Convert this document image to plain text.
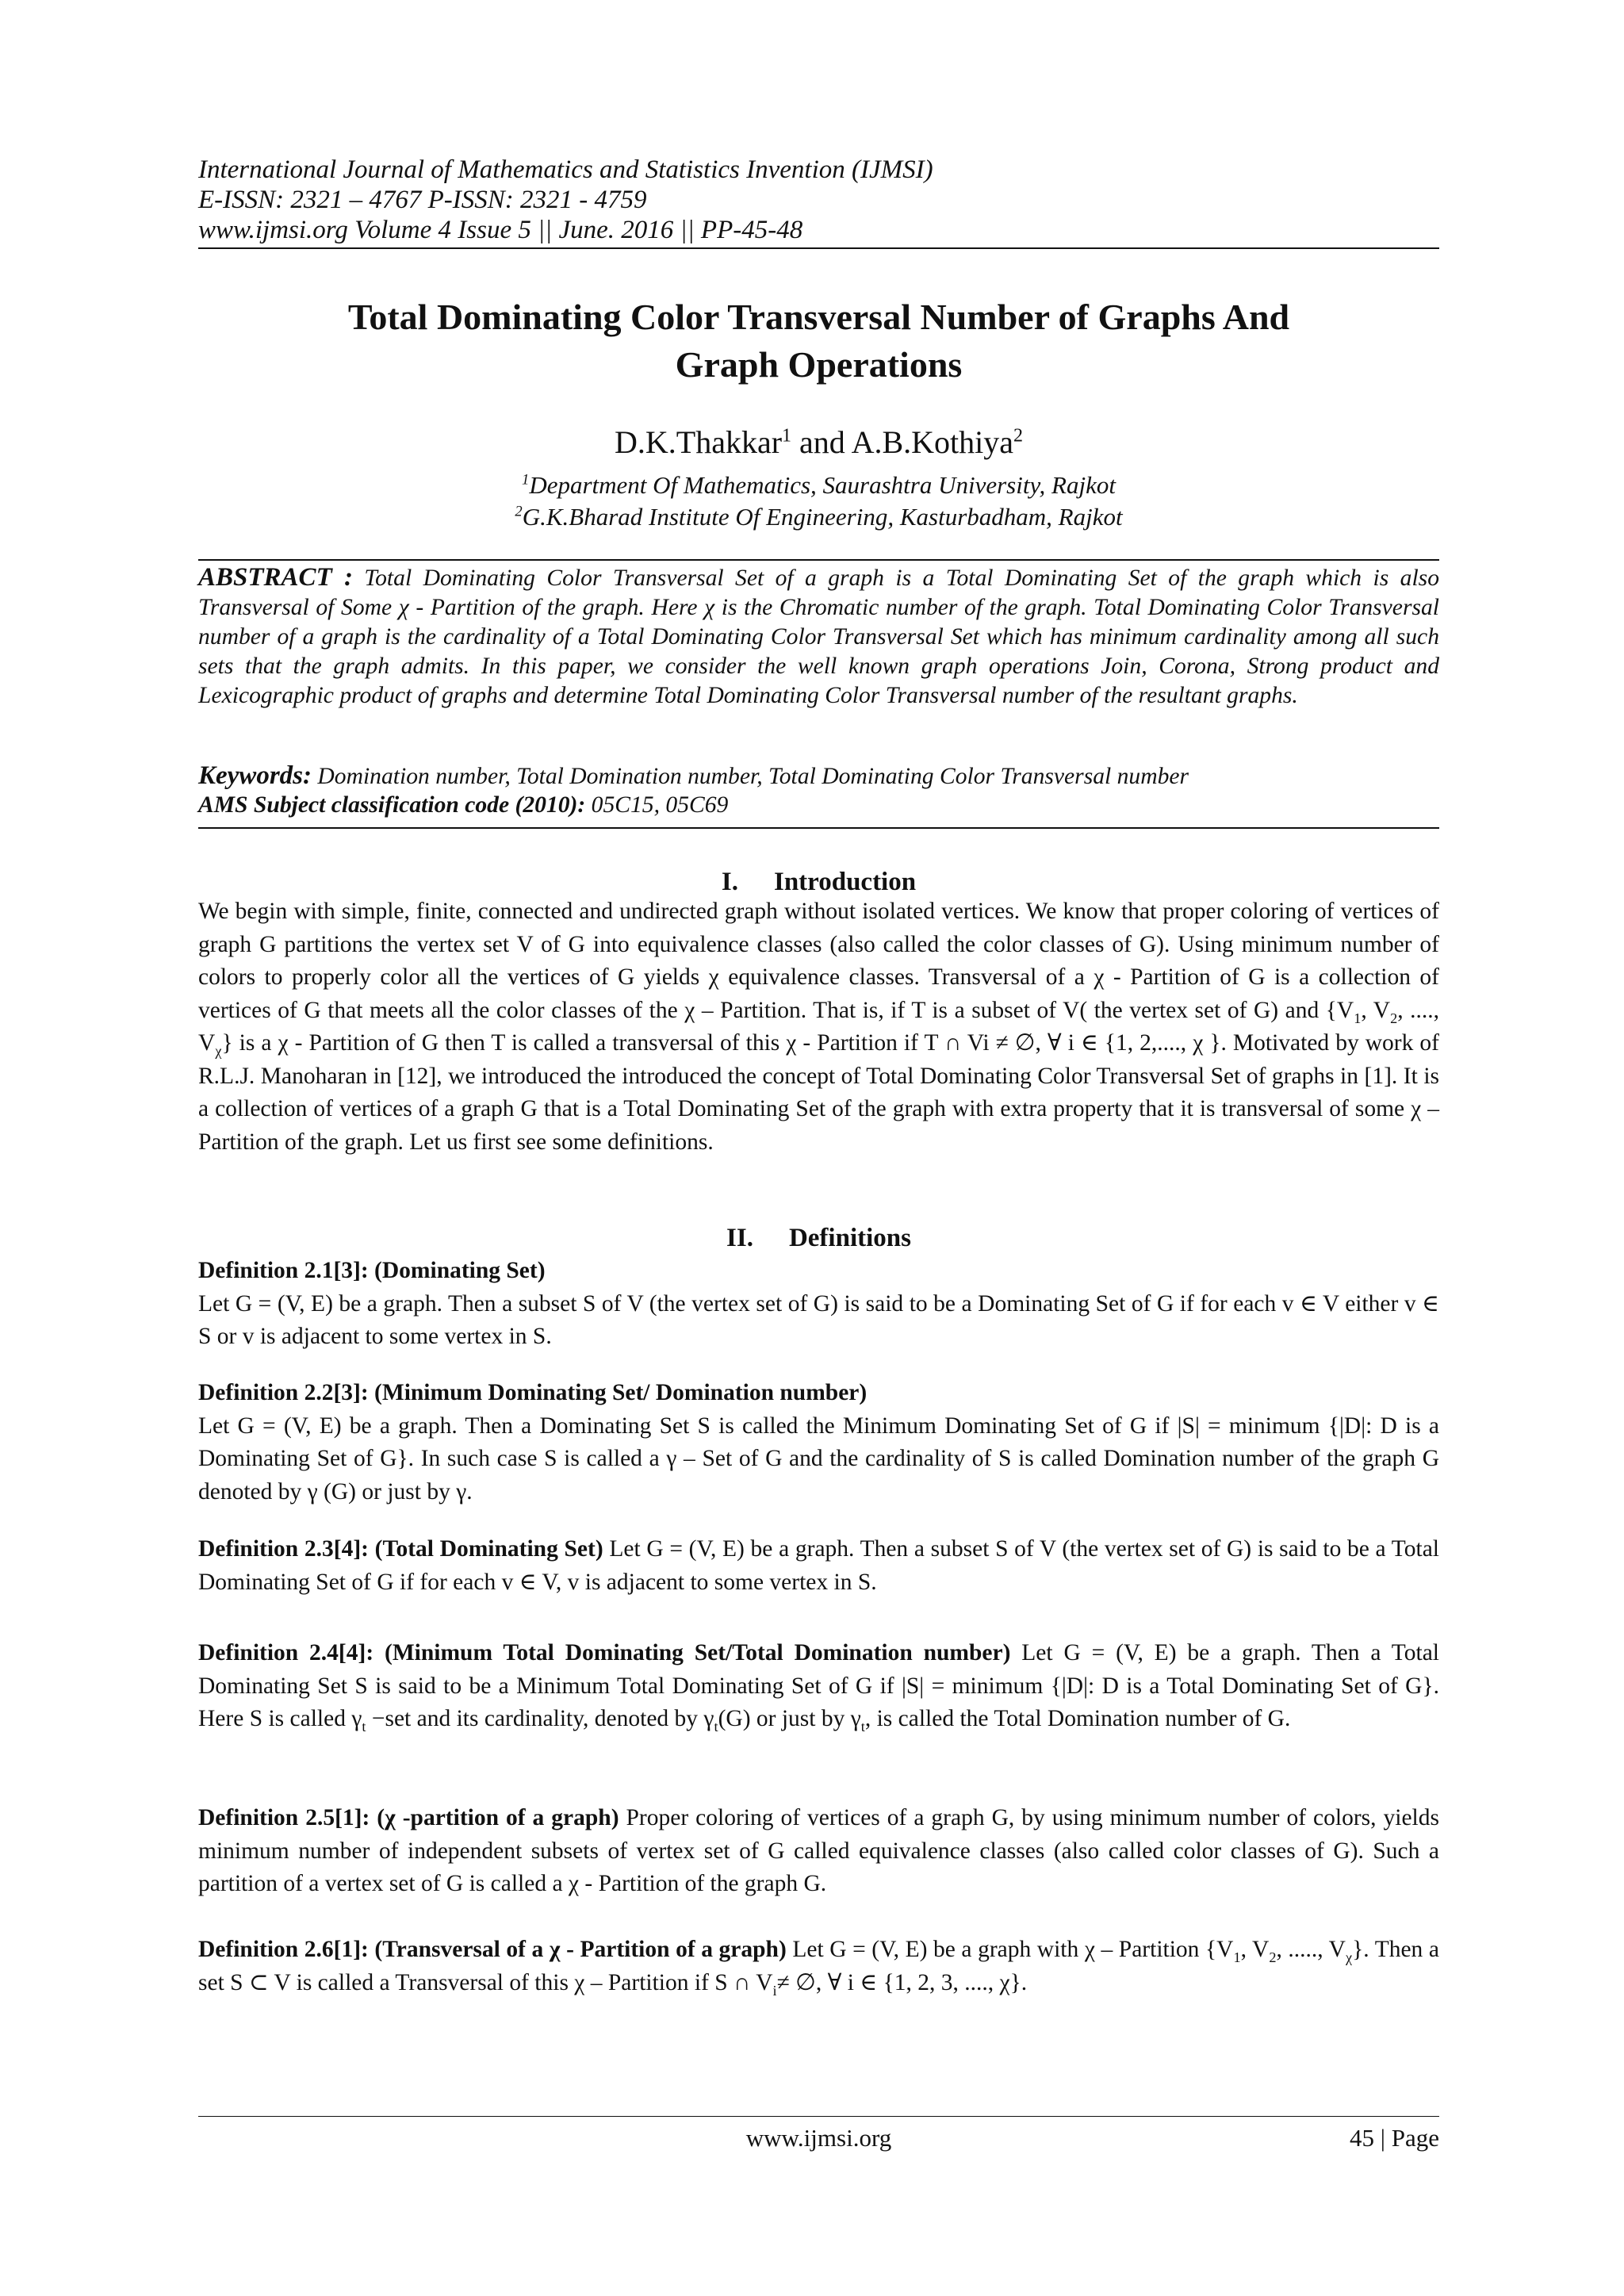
International Journal of Mathematics and Statistics Invention (IJMSI)
E-ISSN: 2321 – 4767 P-ISSN: 2321 - 4759
www.ijmsi.org Volume 4 Issue 5 || June. 2016 || PP-45-48
Total Dominating Color Transversal Number of Graphs And
Graph Operations
D.K.Thakkar$^1$ and A.B.Kothiya$^2$
$^1$Department Of Mathematics, Saurashtra University, Rajkot
$^2$G.K.Bharad Institute Of Engineering, Kasturbadham, Rajkot
ABSTRACT : Total Dominating Color Transversal Set of a graph is a Total Dominating Set of the graph which is also Transversal of Some χ - Partition of the graph. Here χ is the Chromatic number of the graph. Total Dominating Color Transversal number of a graph is the cardinality of a Total Dominating Color Transversal Set which has minimum cardinality among all such sets that the graph admits. In this paper, we consider the well known graph operations Join, Corona, Strong product and Lexicographic product of graphs and determine Total Dominating Color Transversal number of the resultant graphs.
Keywords: Domination number, Total Domination number, Total Dominating Color Transversal number
AMS Subject classification code (2010): 05C15, 05C69
I. Introduction
We begin with simple, finite, connected and undirected graph without isolated vertices. We know that proper coloring of vertices of graph G partitions the vertex set V of G into equivalence classes (also called the color classes of G). Using minimum number of colors to properly color all the vertices of G yields χ equivalence classes. Transversal of a χ - Partition of G is a collection of vertices of G that meets all the color classes of the χ – Partition. That is, if T is a subset of V( the vertex set of G) and {$V_1$, $V_2$, ...., $V_\chi$} is a χ - Partition of G then T is called a transversal of this χ - Partition if T ∩ Vi ≠ ∅, ∀ i ∈ {1, 2,...., χ }. Motivated by work of R.L.J. Manoharan in [12], we introduced the introduced the concept of Total Dominating Color Transversal Set of graphs in [1]. It is a collection of vertices of a graph G that is a Total Dominating Set of the graph with extra property that it is transversal of some χ – Partition of the graph. Let us first see some definitions.
II. Definitions
Definition 2.1[3]: (Dominating Set)
Let G = (V, E) be a graph. Then a subset S of V (the vertex set of G) is said to be a Dominating Set of G if for each v ∈ V either v ∈ S or v is adjacent to some vertex in S.
Definition 2.2[3]: (Minimum Dominating Set/ Domination number)
Let G = (V, E) be a graph. Then a Dominating Set S is called the Minimum Dominating Set of G if |S| = minimum {|D|: D is a Dominating Set of G}. In such case S is called a γ – Set of G and the cardinality of S is called Domination number of the graph G denoted by γ (G) or just by γ.
Definition 2.3[4]: (Total Dominating Set) Let G = (V, E) be a graph. Then a subset S of V (the vertex set of G) is said to be a Total Dominating Set of G if for each v ∈ V, v is adjacent to some vertex in S.
Definition 2.4[4]: (Minimum Total Dominating Set/Total Domination number) Let G = (V, E) be a graph. Then a Total Dominating Set S is said to be a Minimum Total Dominating Set of G if |S| = minimum {|D|: D is a Total Dominating Set of G}. Here S is called $\gamma_t -set$ and its cardinality, denoted by $\gamma_t(G)$ or just by $\gamma_t$, is called the Total Domination number of G.
Definition 2.5[1]: (χ -partition of a graph) Proper coloring of vertices of a graph G, by using minimum number of colors, yields minimum number of independent subsets of vertex set of G called equivalence classes (also called color classes of G). Such a partition of a vertex set of G is called a χ - Partition of the graph G.
Definition 2.6[1]: (Transversal of a χ - Partition of a graph) Let G = (V, E) be a graph with χ – Partition {$V_1$, $V_2$, ....., $V_\chi$}. Then a set S ⊂ V is called a Transversal of this χ – Partition if S ∩ $V_i\ne$ ∅, ∀ i ∈ {1, 2, 3, ...., χ}.
www.ijmsi.org	45 | Page
